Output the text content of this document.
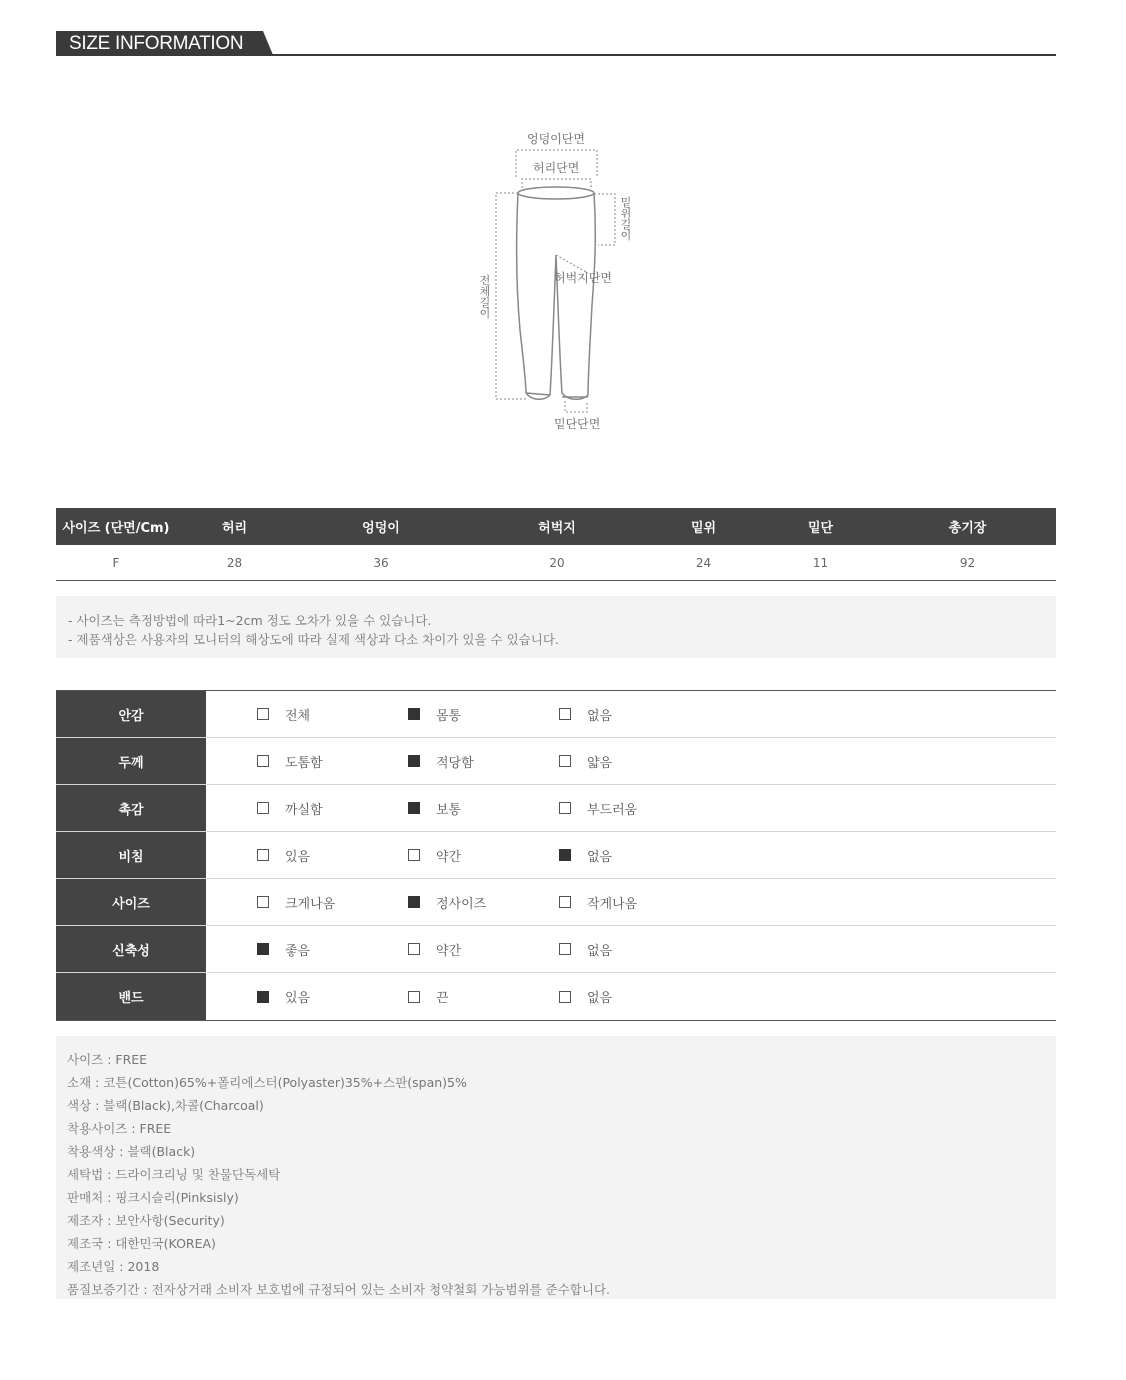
SIZE INFORMATION
엉덩이단면
허리단면
밑위길이
허벅지단면
전체길이
밑단단면
사이즈 (단면/Cm)	허리	엉덩이	허벅지	밑위	밑단	총기장
F	28	36	20	24	11	92

- 사이즈는 측정방법에 따라1~2cm 정도 오차가 있을 수 있습니다.

- 제품색상은 사용자의 모니터의 해상도에 따라 실제 색상과 다소 차이가 있을 수 있습니다.

안감	전체	몸통	없음
두께	도톰함	적당함	얇음
촉감	까실함	보통	부드러움
비침	있음	약간	없음
사이즈	크게나옴	정사이즈	작게나옴
신축성	좋음	약간	없음
밴드	있음	끈	없음
사이즈 : FREE
소재 : 코튼(Cotton)65%+폴리에스터(Polyaster)35%+스판(span)5%
색상 : 블랙(Black),차콜(Charcoal)
착용사이즈 : FREE
착용색상 : 블랙(Black)
세탁법 : 드라이크리닝 및 찬물단독세탁
판매처 : 핑크시슬리(Pinksisly)
제조자 : 보안사항(Security)
제조국 : 대한민국(KOREA)
제조년일 : 2018
품질보증기간 : 전자상거래 소비자 보호법에 규정되어 있는 소비자 청약철회 가능범위를 준수합니다.
